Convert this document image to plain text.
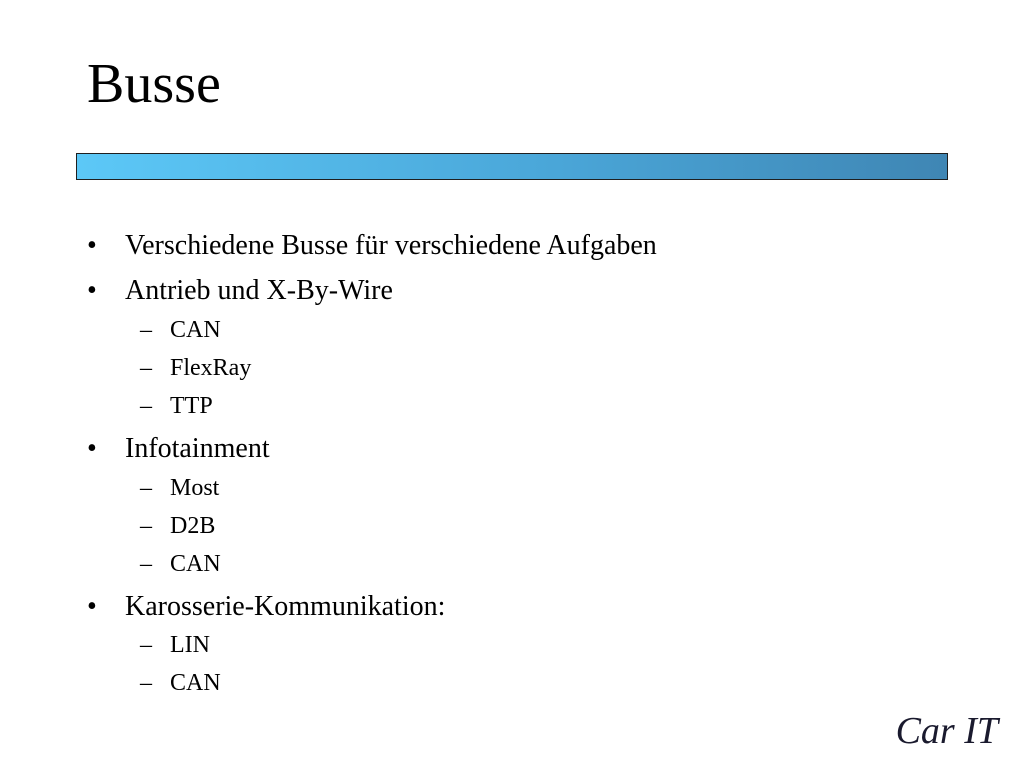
Busse
• Verschiedene Busse für verschiedene Aufgaben
• Antrieb und X-By-Wire
– CAN
– FlexRay
– TTP
• Infotainment
– Most
– D2B
– CAN
• Karosserie-Kommunikation:
– LIN
– CAN
Car IT
